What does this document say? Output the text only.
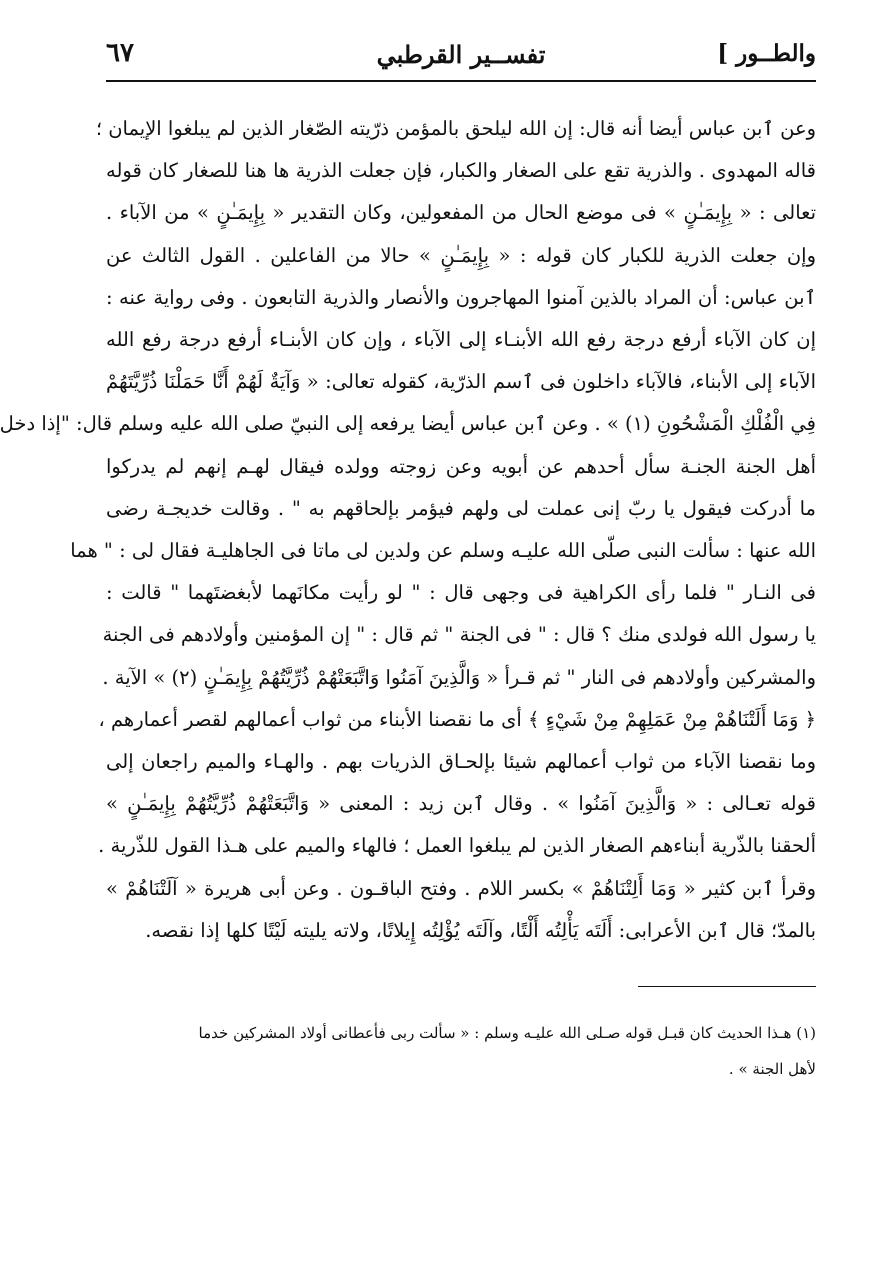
والطــور ]
تفســير القرطبي
٦٧
وعن ٱبن عباس أيضا أنه قال: إن الله ليلحق بالمؤمن ذرّيته الصّغار الذين لم يبلغوا الإيمان ؛
قاله المهدوى . والذرية تقع على الصغار والكبار، فإن جعلت الذرية ها هنا للصغار كان قوله
تعالى : « بِإِيمَـٰنٍ » فى موضع الحال من المفعولين، وكان التقدير « بِإِيمَـٰنٍ » من الآباء .
وإن جعلت الذرية للكبار كان قوله : « بِإِيمَـٰنٍ » حالا من الفاعلين . القول الثالث عن
ٱبن عباس: أن المراد بالذين آمنوا المهاجرون والأنصار والذرية التابعون . وفى رواية عنه :
إن كان الآباء أرفع درجة رفع الله الأبنـاء إلى الآباء ، وإن كان الأبنـاء أرفع درجة رفع الله
الآباء إلى الأبناء، فالآباء داخلون فى ٱسم الذرّية، كقوله تعالى: « وَآيَةٌ لَهُمْ أَنَّا حَمَلْنَا ذُرِّيَّتَهُمْ
فِي الْفُلْكِ الْمَشْحُونِ (١) » . وعن ٱبن عباس أيضا يرفعه إلى النبيّ صلى الله عليه وسلم قال: "إذا دخل
أهل الجنة الجنـة سأل أحدهم عن أبويه وعن زوجته وولده فيقال لهـم إنهم لم يدركوا
ما أدركت فيقول يا ربّ إنى عملت لى ولهم فيؤمر بإلحاقهم به " . وقالت خديجـة رضى
الله عنها : سألت النبى صلّى الله عليـه وسلم عن ولدين لى ماتا فى الجاهليـة فقال لى : " هما
فى النـار " فلما رأى الكراهية فى وجهى قال : " لو رأيت مكانَهما لأبغضتَهما " قالت :
يا رسول الله فولدى منك ؟ قال : " فى الجنة " ثم قال : " إن المؤمنين وأولادهم فى الجنة
والمشركين وأولادهم فى النار " ثم قـرأ « وَالَّذِينَ آمَنُوا وَاتَّبَعَتْهُمْ ذُرِّيَّتُهُمْ بِإِيمَـٰنٍ (٢) » الآية .
﴿ وَمَا أَلَتْنَاهُمْ مِنْ عَمَلِهِمْ مِنْ شَيْءٍ ﴾ أى ما نقصنا الأبناء من ثواب أعمالهم لقصر أعمارهم ،
وما نقصنا الآباء من ثواب أعمالهم شيئا بإلحـاق الذريات بهم . والهـاء والميم راجعان إلى
قوله تعـالى : « وَالَّذِينَ آمَنُوا » . وقال ٱبن زيد : المعنى « وَاتَّبَعَتْهُمْ ذُرِّيَّتُهُمْ بِإِيمَـٰنٍ »
ألحقنا بالذّرية أبناءهم الصغار الذين لم يبلغوا العمل ؛ فالهاء والميم على هـذا القول للذّرية .
وقرأ ٱبن كثير « وَمَا أَلِتْنَاهُمْ » بكسر اللام . وفتح الباقـون . وعن أبى هريرة « آلَتْنَاهُمْ »
بالمدّ؛ قال ٱبن الأعرابى: أَلَتَه يَأْلِتُه أَلْتًا، وآلَتَه يُؤْلِتُه إِيلاتًا، ولاته يليته لَيْتًا كلها إذا نقصه.
(١) هـذا الحديث كان قبـل قوله صـلى الله عليـه وسلم : « سألت ربى فأعطانى أولاد المشركين خدما
لأهل الجنة » .
